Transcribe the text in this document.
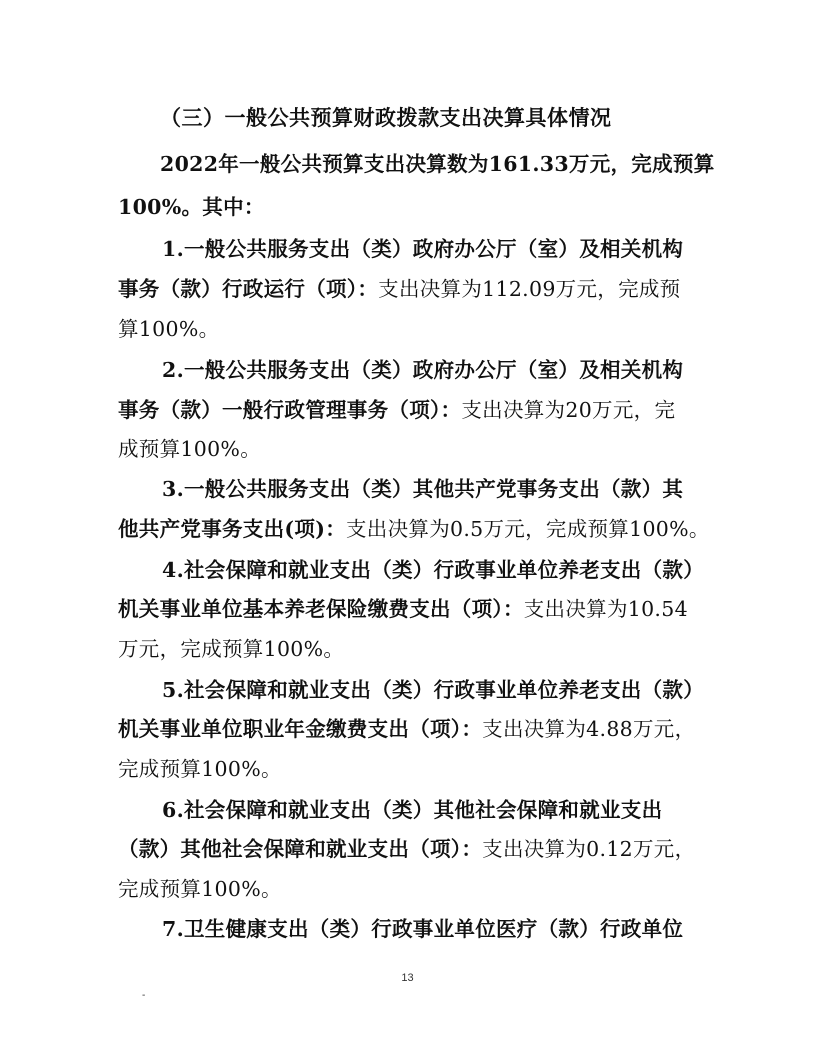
（三）一般公共预算财政拨款支出决算具体情况
2022年一般公共预算支出决算数为161.33万元，完成预算
100%。其中：
1.一般公共服务支出（类）政府办公厅（室）及相关机构
事务（款）行政运行（项）：支出决算为112.09万元，完成预
算100%。
2.一般公共服务支出（类）政府办公厅（室）及相关机构
事务（款）一般行政管理事务（项）：支出决算为20万元，完
成预算100%。
3.一般公共服务支出（类）其他共产党事务支出（款）其
他共产党事务支出(项)：支出决算为0.5万元，完成预算100%。
4.社会保障和就业支出（类）行政事业单位养老支出（款）
机关事业单位基本养老保险缴费支出（项）：支出决算为10.54
万元，完成预算100%。
5.社会保障和就业支出（类）行政事业单位养老支出（款）
机关事业单位职业年金缴费支出（项）：支出决算为4.88万元，
完成预算100%。
6.社会保障和就业支出（类）其他社会保障和就业支出
（款）其他社会保障和就业支出（项）：支出决算为0.12万元，
完成预算100%。
7.卫生健康支出（类）行政事业单位医疗（款）行政单位
13
-
